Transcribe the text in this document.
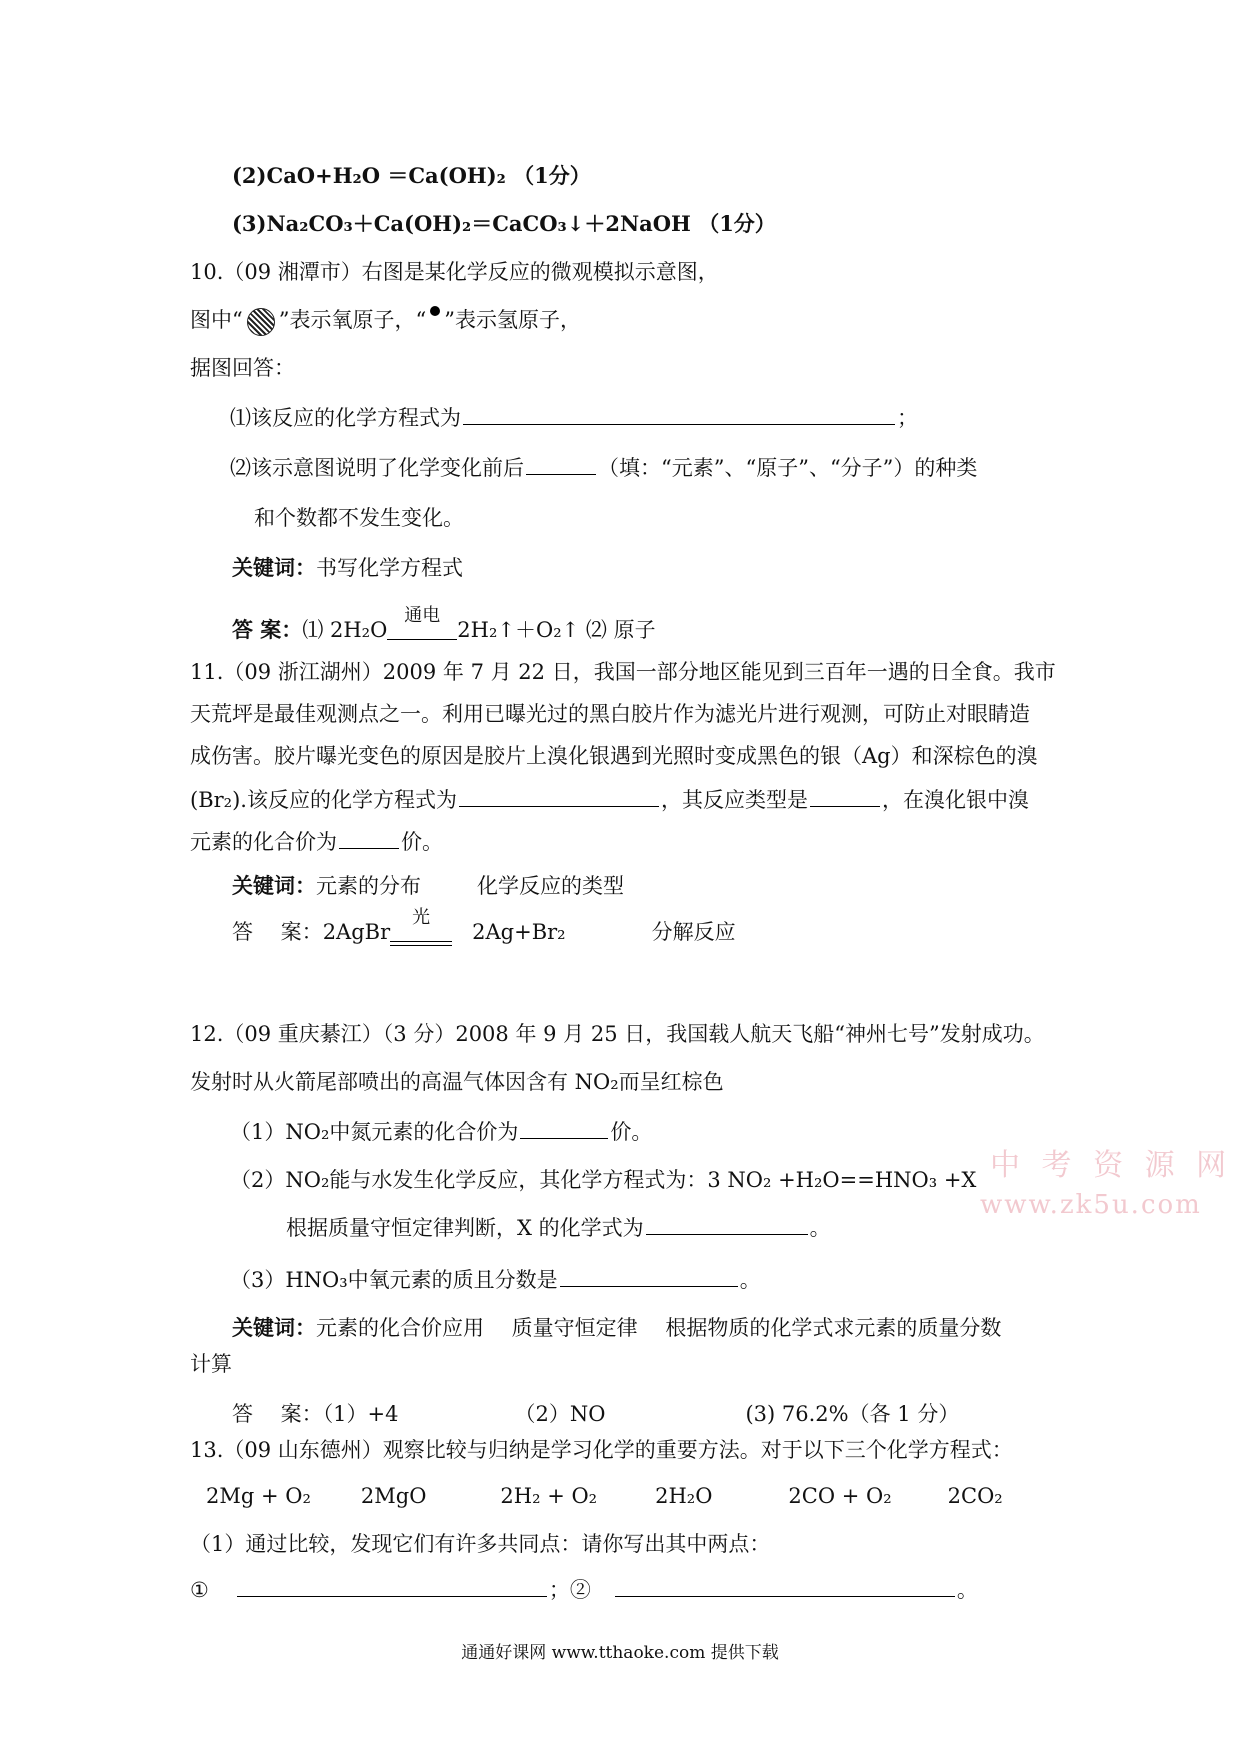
(2)CaO+H₂O ＝Ca(OH)₂ （1分）
(3)Na₂CO₃＋Ca(OH)₂＝CaCO₃↓＋2NaOH （1分）
10.（09 湘潭市）右图是某化学反应的微观模拟示意图，
图中“ ”表示氧原子，“ ”表示氢原子，
据图回答：
⑴该反应的化学方程式为	；
⑵该示意图说明了化学变化前后	（填：“元素”、“原子”、“分子”）的种类
和个数都不发生变化。
关键词：书写化学方程式
答 案：⑴ 2H₂O
通电
2H₂↑＋O₂↑ ⑵ 原子
11.（09 浙江湖州）2009 年 7 月 22 日，我国一部分地区能见到三百年一遇的日全食。我市
天荒坪是最佳观测点之一。利用已曝光过的黑白胶片作为滤光片进行观测，可防止对眼睛造
成伤害。胶片曝光变色的原因是胶片上溴化银遇到光照时变成黑色的银（Ag）和深棕色的溴
(Br₂).该反应的化学方程式为	，其反应类型是	，在溴化银中溴
元素的化合价为	价。
关键词：元素的分布	化学反应的类型
答　 案：2AgBr
光
2Ag+Br₂	分解反应
12.（09 重庆綦江）（3 分）2008 年 9 月 25 日，我国载人航天飞船“神州七号”发射成功。
发射时从火箭尾部喷出的高温气体因含有 NO₂而呈红棕色
（1）NO₂中氮元素的化合价为	价。
（2）NO₂能与水发生化学反应，其化学方程式为：3 NO₂ +H₂O==HNO₃ +X
根据质量守恒定律判断，X 的化学式为	。
（3）HNO₃中氧元素的质且分数是	。
关键词：元素的化合价应用　 质量守恒定律　 根据物质的化学式求元素的质量分数
计算
答　 案：（1）+4	（2）NO	(3) 76.2%（各 1 分）
13.（09 山东德州）观察比较与归纳是学习化学的重要方法。对于以下三个化学方程式：
2Mg + O₂ 2MgO	2H₂ + O₂	2H₂O	2CO + O₂	2CO₂
（1）通过比较，发现它们有许多共同点：请你写出其中两点：
①	；②	。
中 考 资 源 网
www.zk5u.com
通通好课网 www.tthaoke.com 提供下载
